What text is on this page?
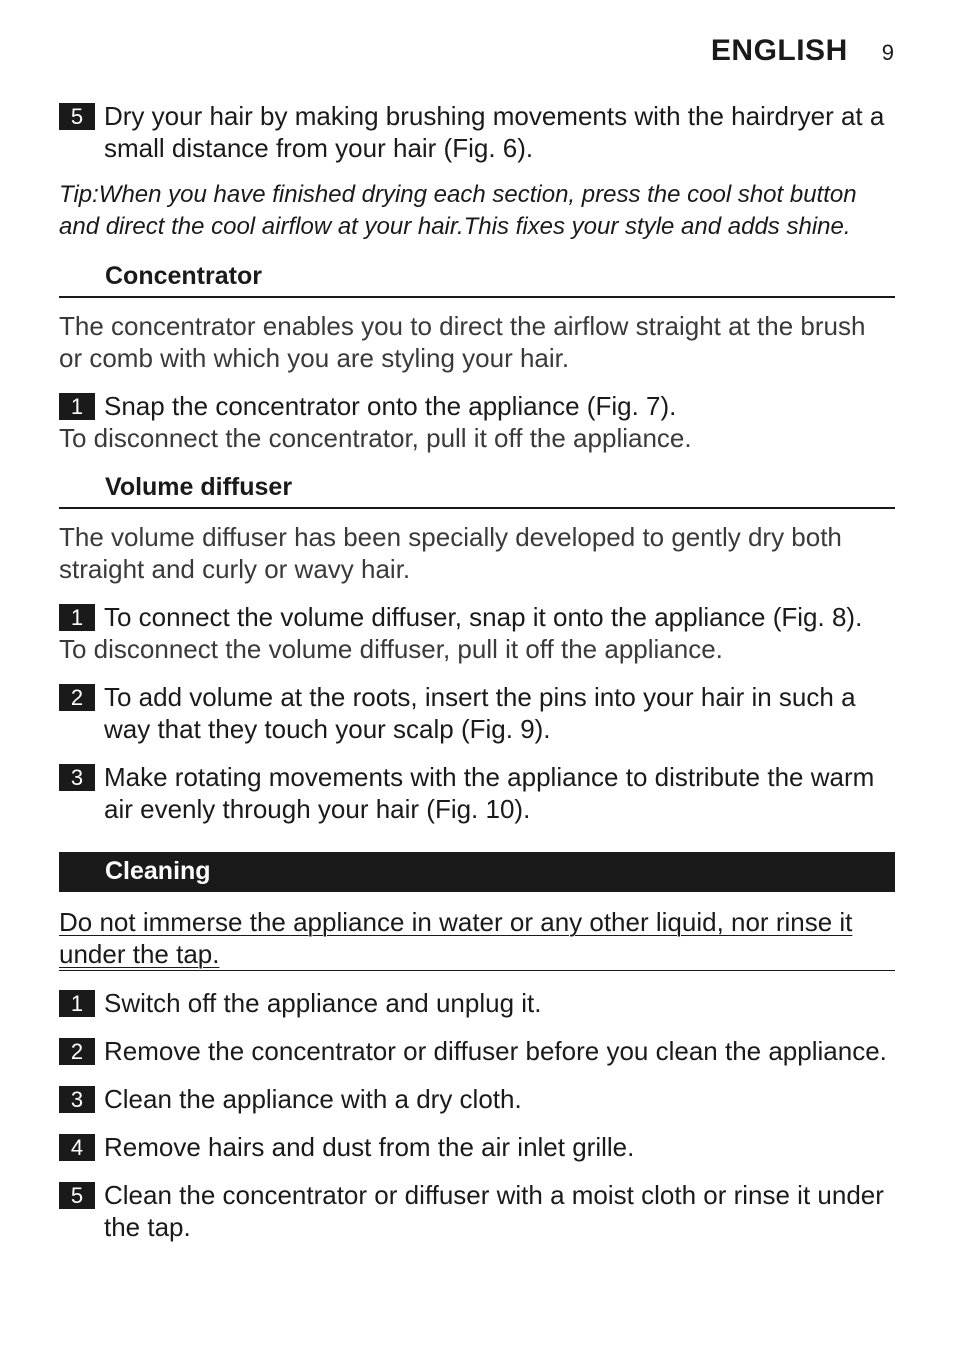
ENGLISH 9
5 Dry your hair by making brushing movements with the hairdryer at a small distance from your hair (Fig. 6).
Tip:When you have finished drying each section, press the cool shot button and direct the cool airflow at your hair.This fixes your style and adds shine.
Concentrator
The concentrator enables you to direct the airflow straight at the brush or comb with which you are styling your hair.
1 Snap the concentrator onto the appliance (Fig. 7).
To disconnect the concentrator, pull it off the appliance.
Volume diffuser
The volume diffuser has been specially developed to gently dry both straight and curly or wavy hair.
1 To connect the volume diffuser, snap it onto the appliance (Fig. 8).
To disconnect the volume diffuser, pull it off the appliance.
2 To add volume at the roots, insert the pins into your hair in such a way that they touch your scalp (Fig. 9).
3 Make rotating movements with the appliance to distribute the warm air evenly through your hair (Fig. 10).
Cleaning
Do not immerse the appliance in water or any other liquid, nor rinse it under the tap.
1 Switch off the appliance and unplug it.
2 Remove the concentrator or diffuser before you clean the appliance.
3 Clean the appliance with a dry cloth.
4 Remove hairs and dust from the air inlet grille.
5 Clean the concentrator or diffuser with a moist cloth or rinse it under the tap.
